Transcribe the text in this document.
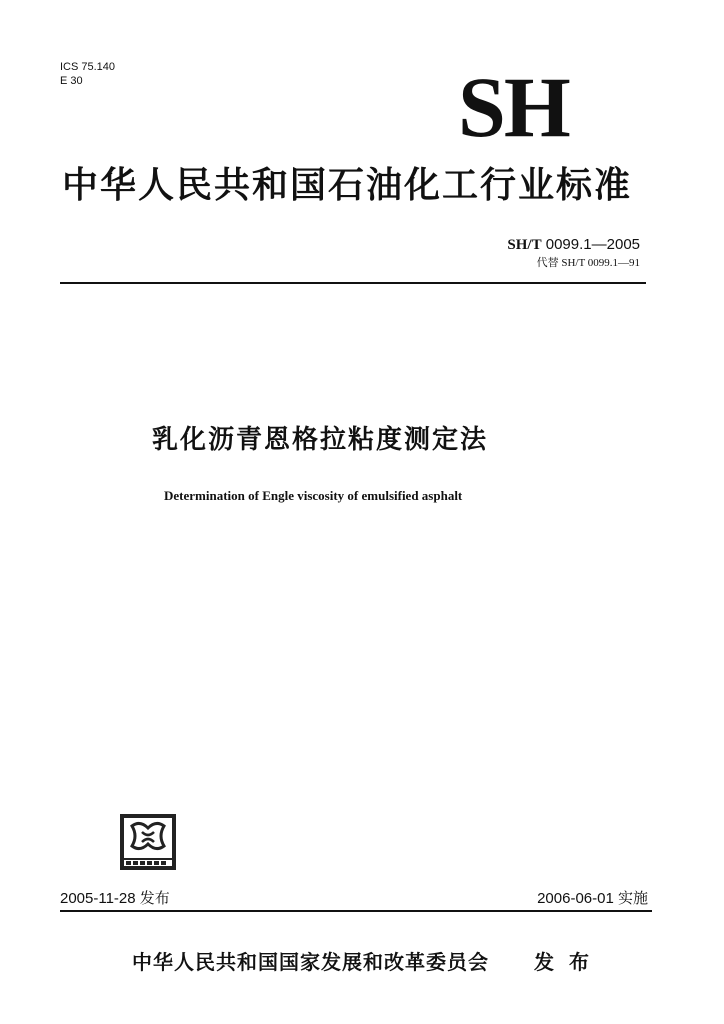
ICS 75.140
E 30	SH
中华人民共和国石油化工行业标准
SH/T 0099.1—2005
代替 SH/T 0099.1—91
乳化沥青恩格拉粘度测定法
Determination of Engle viscosity of emulsified asphalt
2005-11-28 发布	2006-06-01 实施
中华人民共和国国家发展和改革委员会 发 布
